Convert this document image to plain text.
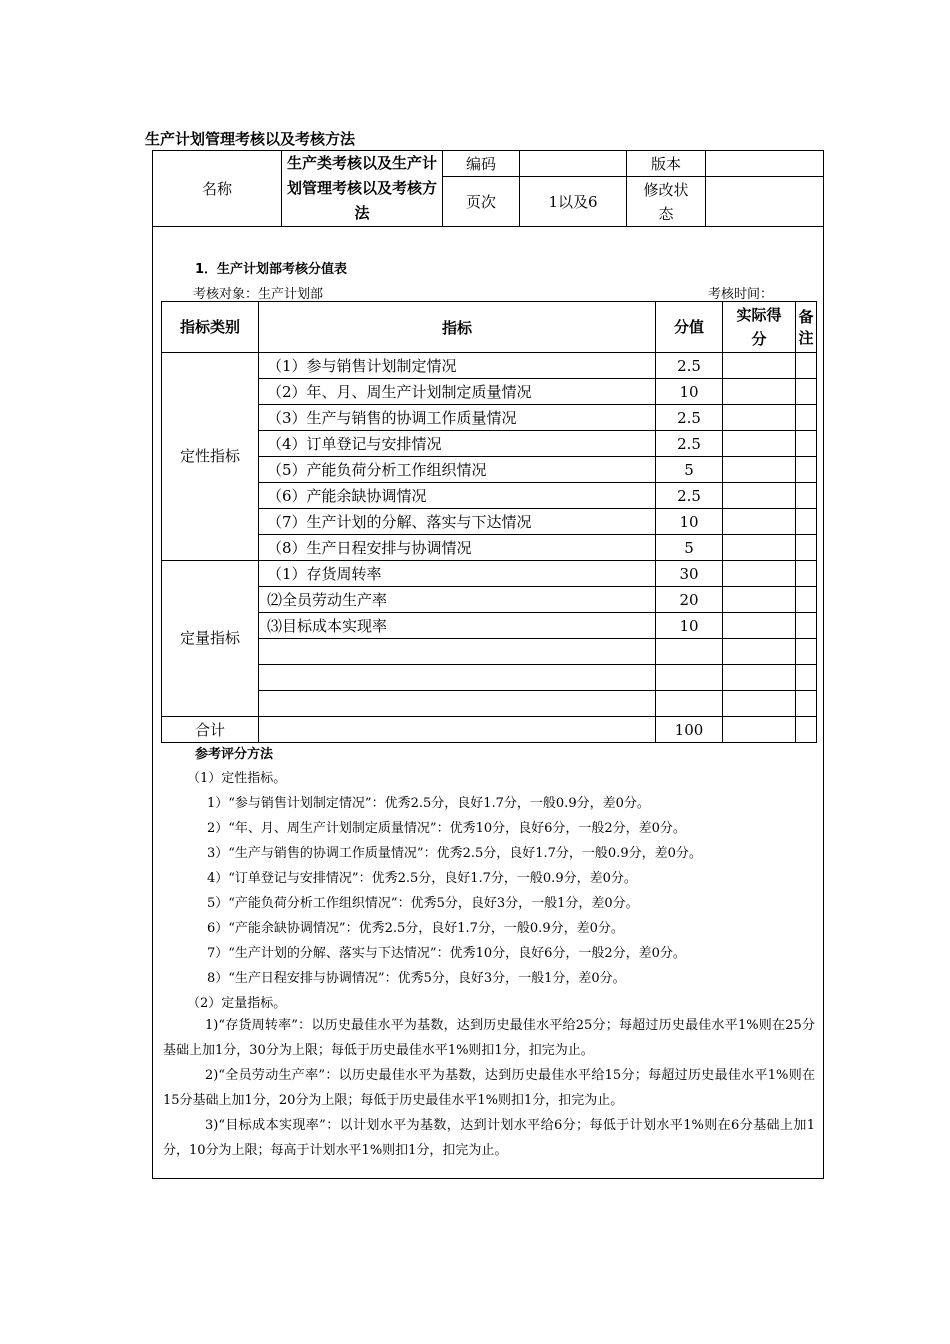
生产计划管理考核以及考核方法
名称	生产类考核以及生产计划管理考核以及考核方法	编码		版本	
		页次	1以及6	修改状态	
1．生产计划部考核分值表
考核对象：生产计划部	考核时间：
指标类别	指标	分值	实际得分	备注
定性指标	（1）参与销售计划制定情况	2.5		
	（2）年、月、周生产计划制定质量情况	10		
	（3）生产与销售的协调工作质量情况	2.5		
	（4）订单登记与安排情况	2.5		
	（5）产能负荷分析工作组织情况	5		
	（6）产能余缺协调情况	2.5		
	（7）生产计划的分解、落实与下达情况	10		
	（8）生产日程安排与协调情况	5		
定量指标	（1）存货周转率	30		
	⑵全员劳动生产率	20		
	⑶目标成本实现率	10		

合计		100		
参考评分方法
（1）定性指标。
1）“参与销售计划制定情况”：优秀2.5分，良好1.7分，一般0.9分，差0分。
2）“年、月、周生产计划制定质量情况”：优秀10分，良好6分，一般2分，差0分。
3）“生产与销售的协调工作质量情况”：优秀2.5分，良好1.7分，一般0.9分，差0分。
4）“订单登记与安排情况”：优秀2.5分，良好1.7分，一般0.9分，差0分。
5）“产能负荷分析工作组织情况”：优秀5分，良好3分，一般1分，差0分。
6）“产能余缺协调情况”：优秀2.5分，良好1.7分，一般0.9分，差0分。
7）“生产计划的分解、落实与下达情况”：优秀10分，良好6分，一般2分，差0分。
8）“生产日程安排与协调情况”：优秀5分，良好3分，一般1分，差0分。
（2）定量指标。
1)“存货周转率”：以历史最佳水平为基数，达到历史最佳水平给25分；每超过历史最佳水平1%则在25分基础上加1分，30分为上限；每低于历史最佳水平1%则扣1分，扣完为止。
2)“全员劳动生产率”：以历史最佳水平为基数，达到历史最佳水平给15分；每超过历史最佳水平1%则在15分基础上加1分，20分为上限；每低于历史最佳水平1%则扣1分，扣完为止。
3)“目标成本实现率”：以计划水平为基数，达到计划水平给6分；每低于计划水平1%则在6分基础上加1分，10分为上限；每高于计划水平1%则扣1分，扣完为止。
